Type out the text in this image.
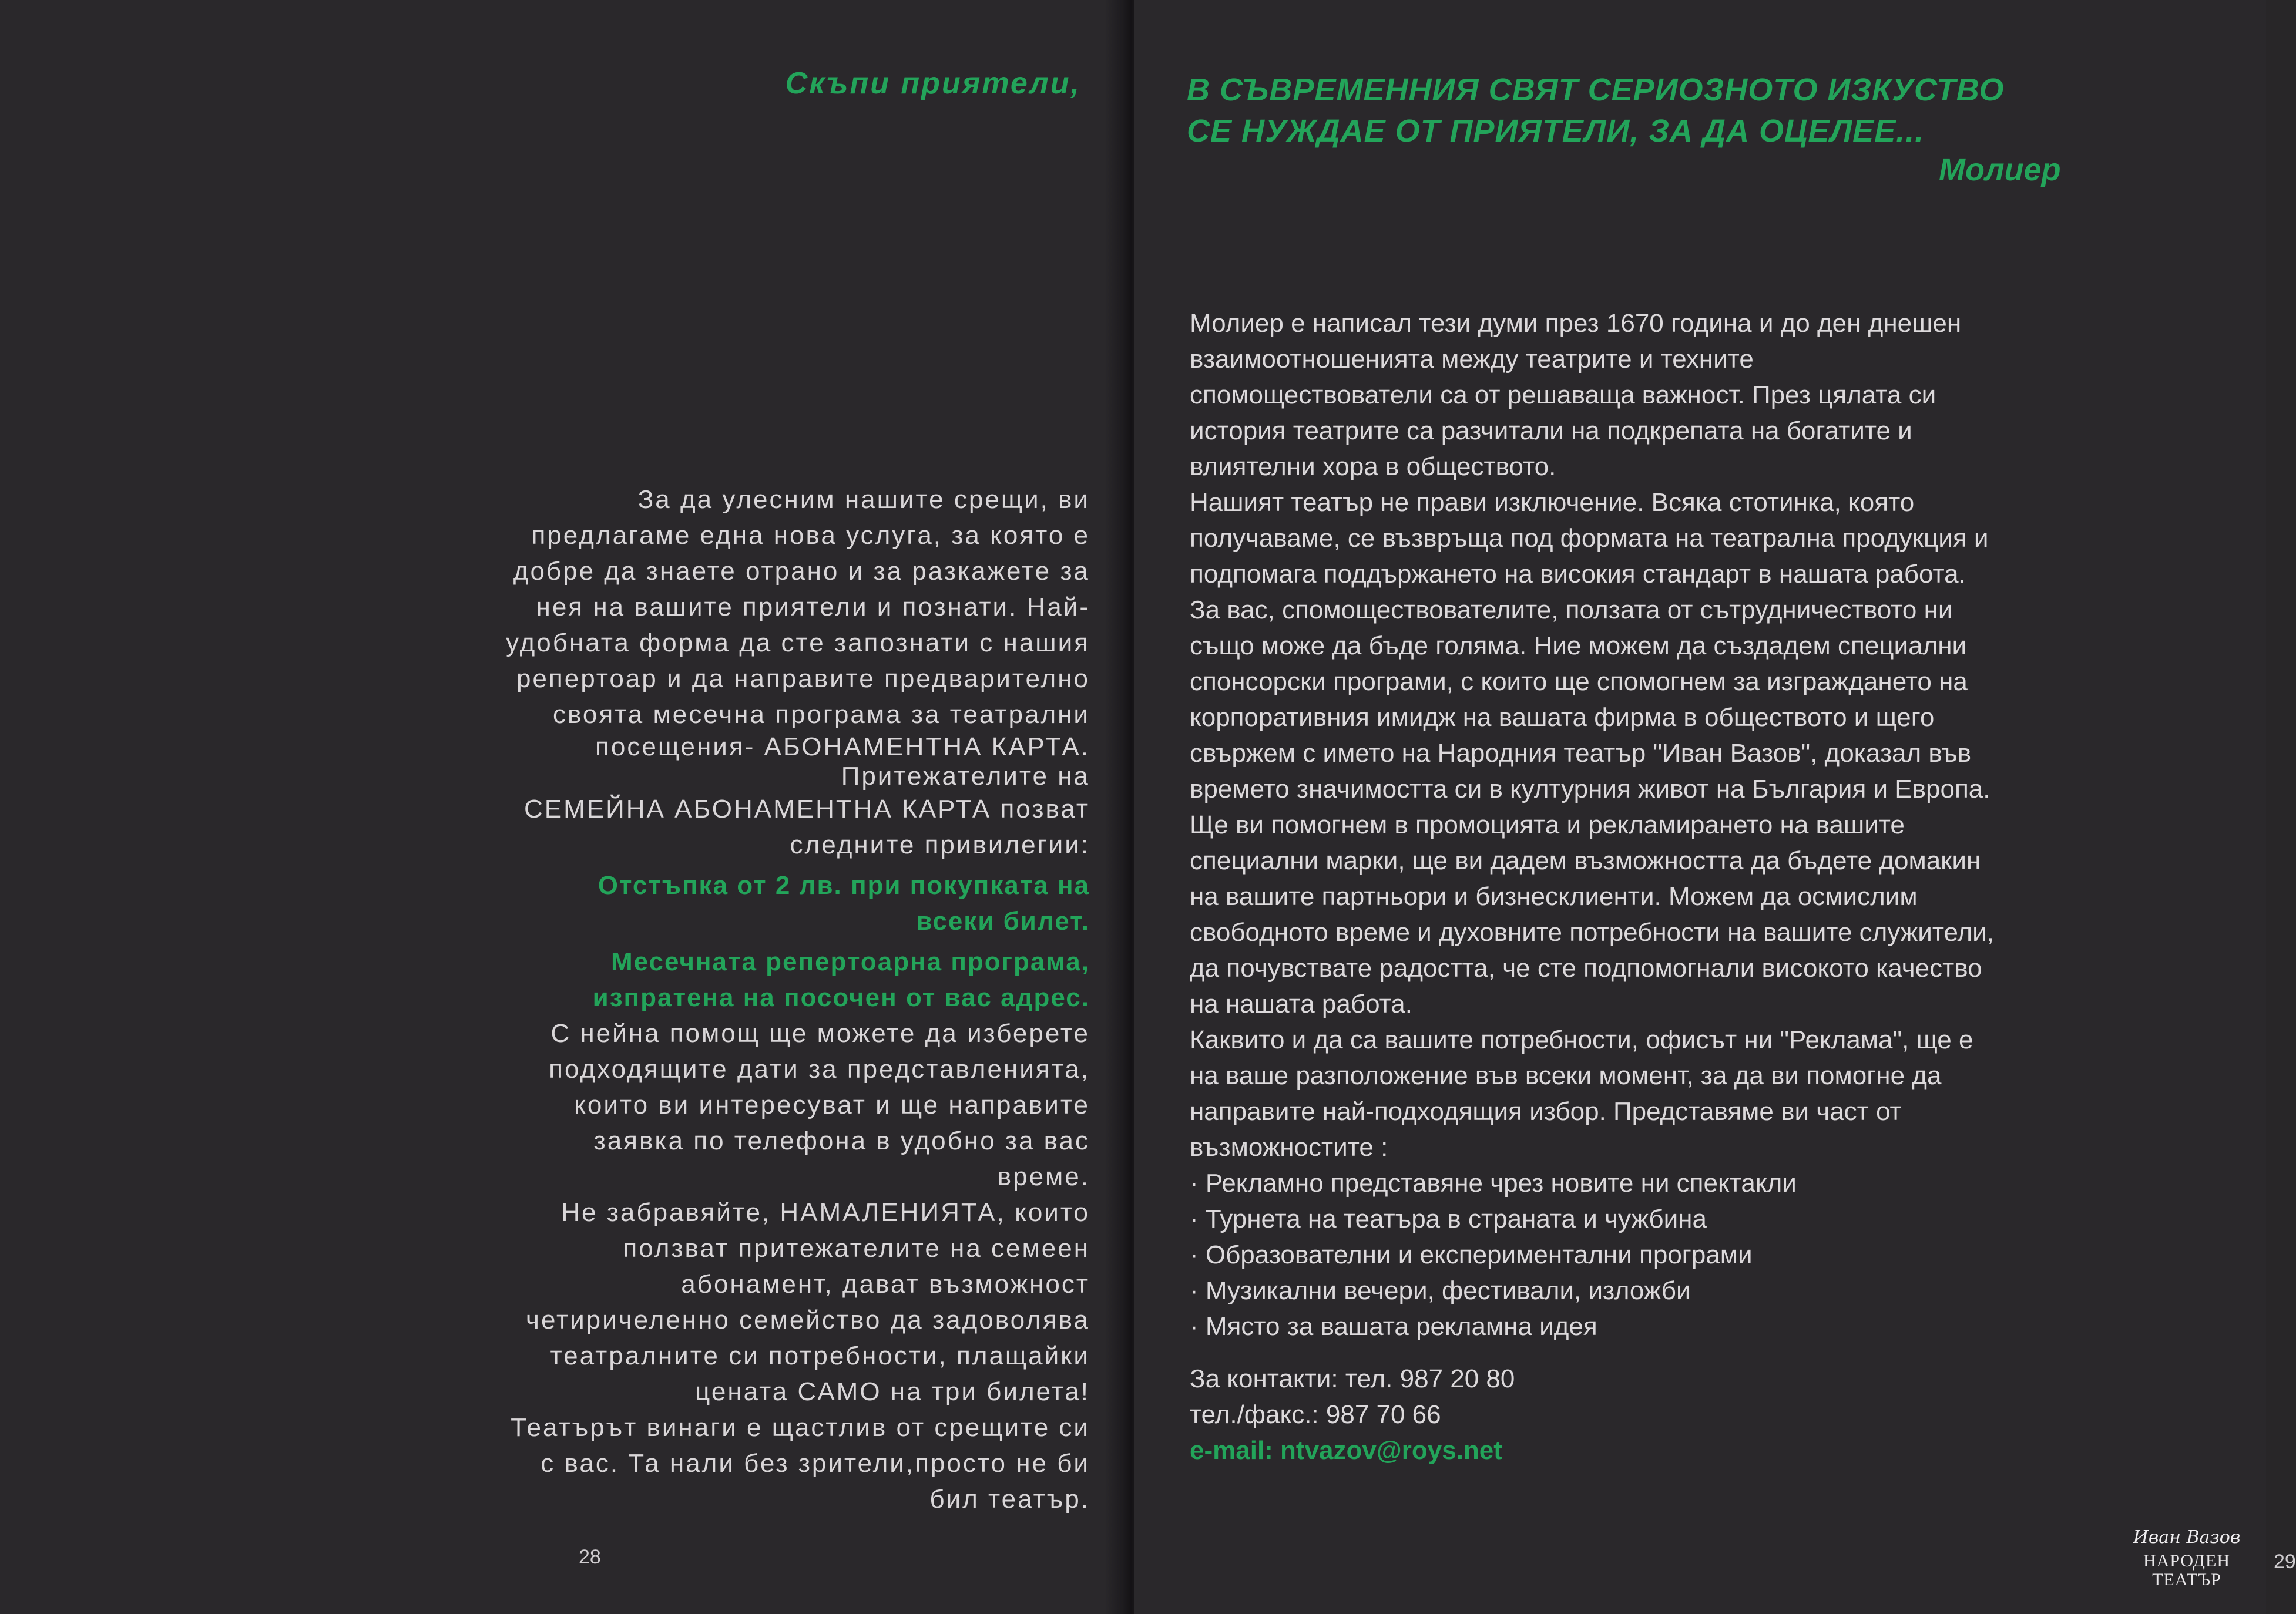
Скъпи приятели,

За да улесним нашите срещи, ви

предлагаме една нова услуга, за която е

добре да знаете отрано и за разкажете за

нея на вашите приятели и познати. Най-

удобната форма да сте запознати с нашия

репертоар и да направите предварително

своята месечна програма за театрални

посещения- АБОНАМЕНТНА КАРТА.

Притежателите на

СЕМЕЙНА АБОНАМЕНТНА КАРТА позват

следните привилегии:

Отстъпка от 2 лв. при покупката на

всеки билет.

Месечната репертоарна програма,

изпратена на посочен от вас адрес.

С нейна помощ ще можете да изберете

подходящите дати за представленията,

които ви интересуват и ще направите

заявка по телефона в удобно за вас

време.

Не забравяйте, НАМАЛЕНИЯТА, които

ползват притежателите на семеен

абонамент, дават възможност

четиричеленно семейство да задоволява

театралните си потребности, плащайки

цената САМО на три билета!

Театърът винаги е щастлив от срещите си

с вас. Та нали без зрители,просто не би

бил театър.

28
В СЪВРЕМЕННИЯ СВЯТ СЕРИОЗНОТО ИЗКУСТВО
СЕ НУЖДАЕ ОТ ПРИЯТЕЛИ, ЗА ДА ОЦЕЛЕЕ...
Молиер
Молиер е написал тези думи през 1670 година и до ден днешен
взаимоотношенията между театрите и техните
спомоществователи са от решаваща важност. През цялата си
история театрите са разчитали на подкрепата на богатите и
влиятелни хора в обществото.
Нашият театър не прави изключение. Всяка стотинка, която
получаваме, се възвръща под формата на театрална продукция и
подпомага поддържането на високия стандарт в нашата работа.
За вас, спомоществователите, ползата от сътрудничеството ни
също може да бъде голяма. Ние можем да създадем специални
спонсорски програми, с които ще спомогнем за изграждането на
корпоративния имидж на вашата фирма в обществото и щего
свържем с името на Народния театър "Иван Вазов", доказал във
времето значимостта си в културния живот на България и Европа.
Ще ви помогнем в промоцията и рекламирането на вашите
специални марки, ще ви дадем възможността да бъдете домакин
на вашите партньори и бизнесклиенти. Можем да осмислим
свободното време и духовните потребности на вашите служители,
да почувствате радостта, че сте подпомогнали високото качество
на нашата работа.
Каквито и да са вашите потребности, офисът ни "Реклама", ще е
на ваше разположение във всеки момент, за да ви помогне да
направите най-подходящия избор. Представяме ви част от
възможностите :
· Рекламно представяне чрез новите ни спектакли
· Турнета на театъра в страната и чужбина
· Образователни и експериментални програми
· Музикални вечери, фестивали, изложби
· Място за вашата рекламна идея
За контакти: тел. 987 20 80
тел./факс.: 987 70 66
e-mail: ntvazov@roys.net
29
Иван Вазов
НАРОДЕН
ТЕАТЪР
